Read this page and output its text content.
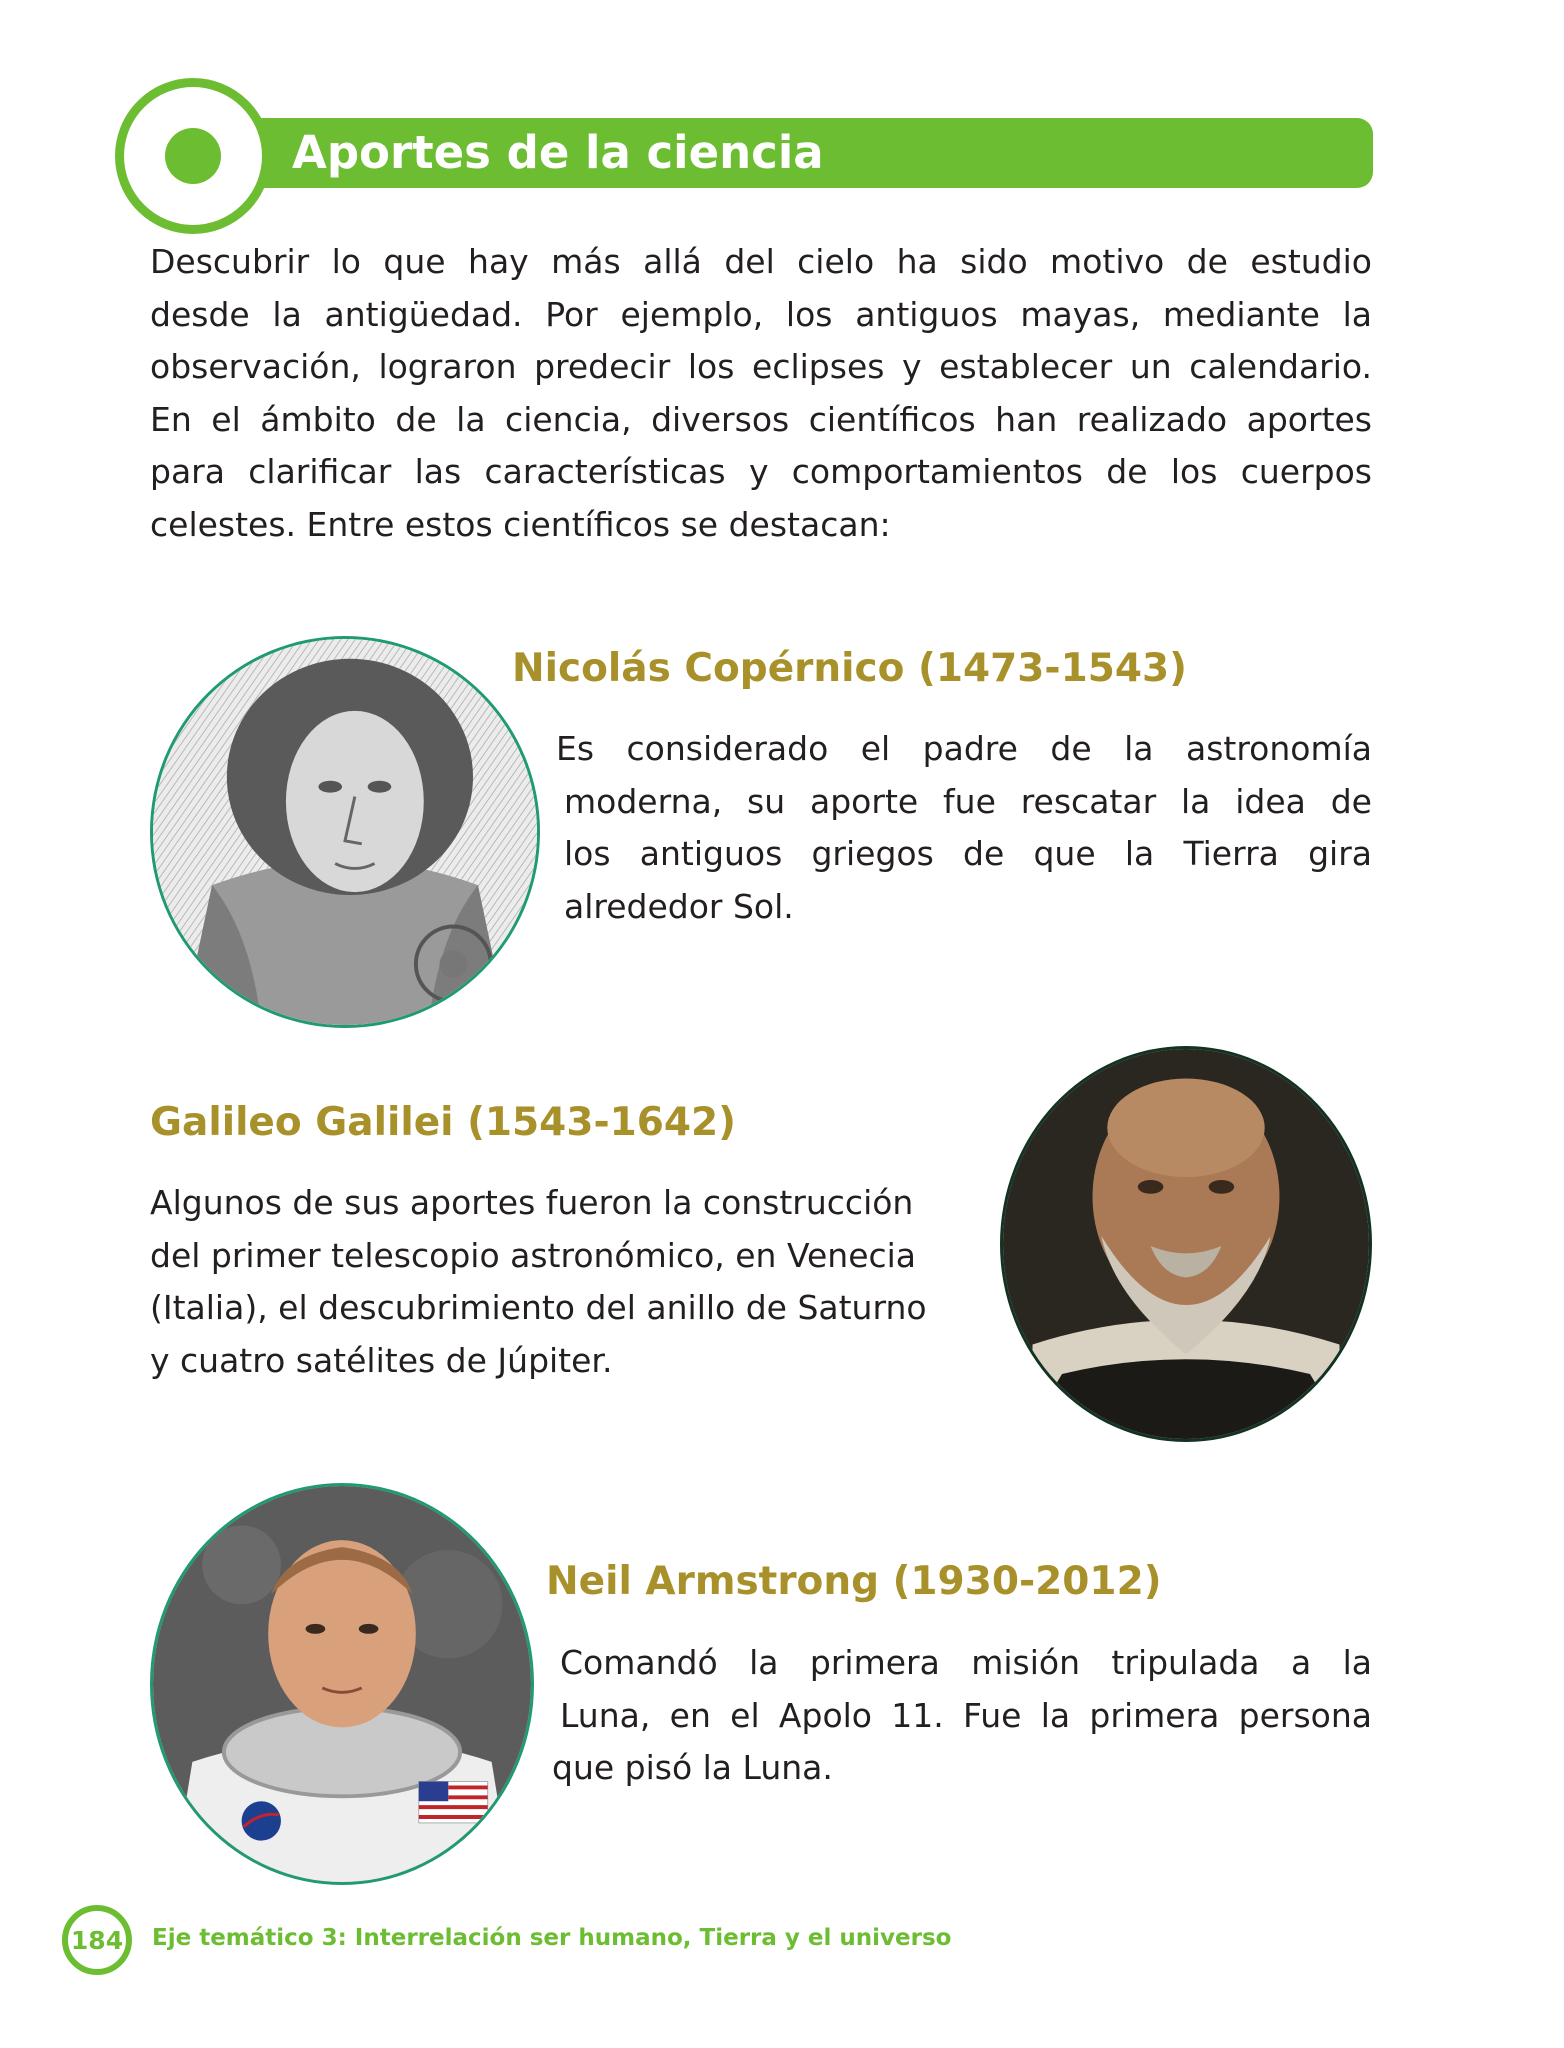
Aportes de la ciencia

Descubrir lo que hay más allá del cielo ha sido motivo de estudio
desde la antigüedad. Por ejemplo, los antiguos mayas, mediante la
observación, lograron predecir los eclipses y establecer un calendario.
En el ámbito de la ciencia, diversos científicos han realizado aportes
para clarificar las características y comportamientos de los cuerpos
celestes. Entre estos científicos se destacan:

Nicolás Copérnico (1473-1543)

Es considerado el padre de la astronomía
moderna, su aporte fue rescatar la idea de
los antiguos griegos de que la Tierra gira
alrededor Sol.

Galileo Galilei (1543-1642)

Algunos de sus aportes fueron la construcción
del primer telescopio astronómico, en Venecia
(Italia), el descubrimiento del anillo de Saturno
y cuatro satélites de Júpiter.

Neil Armstrong (1930-2012)

Comandó la primera misión tripulada a la
Luna, en el Apolo 11. Fue la primera persona
que pisó la Luna.

184 Eje temático 3: Interrelación ser humano, Tierra y el universo
